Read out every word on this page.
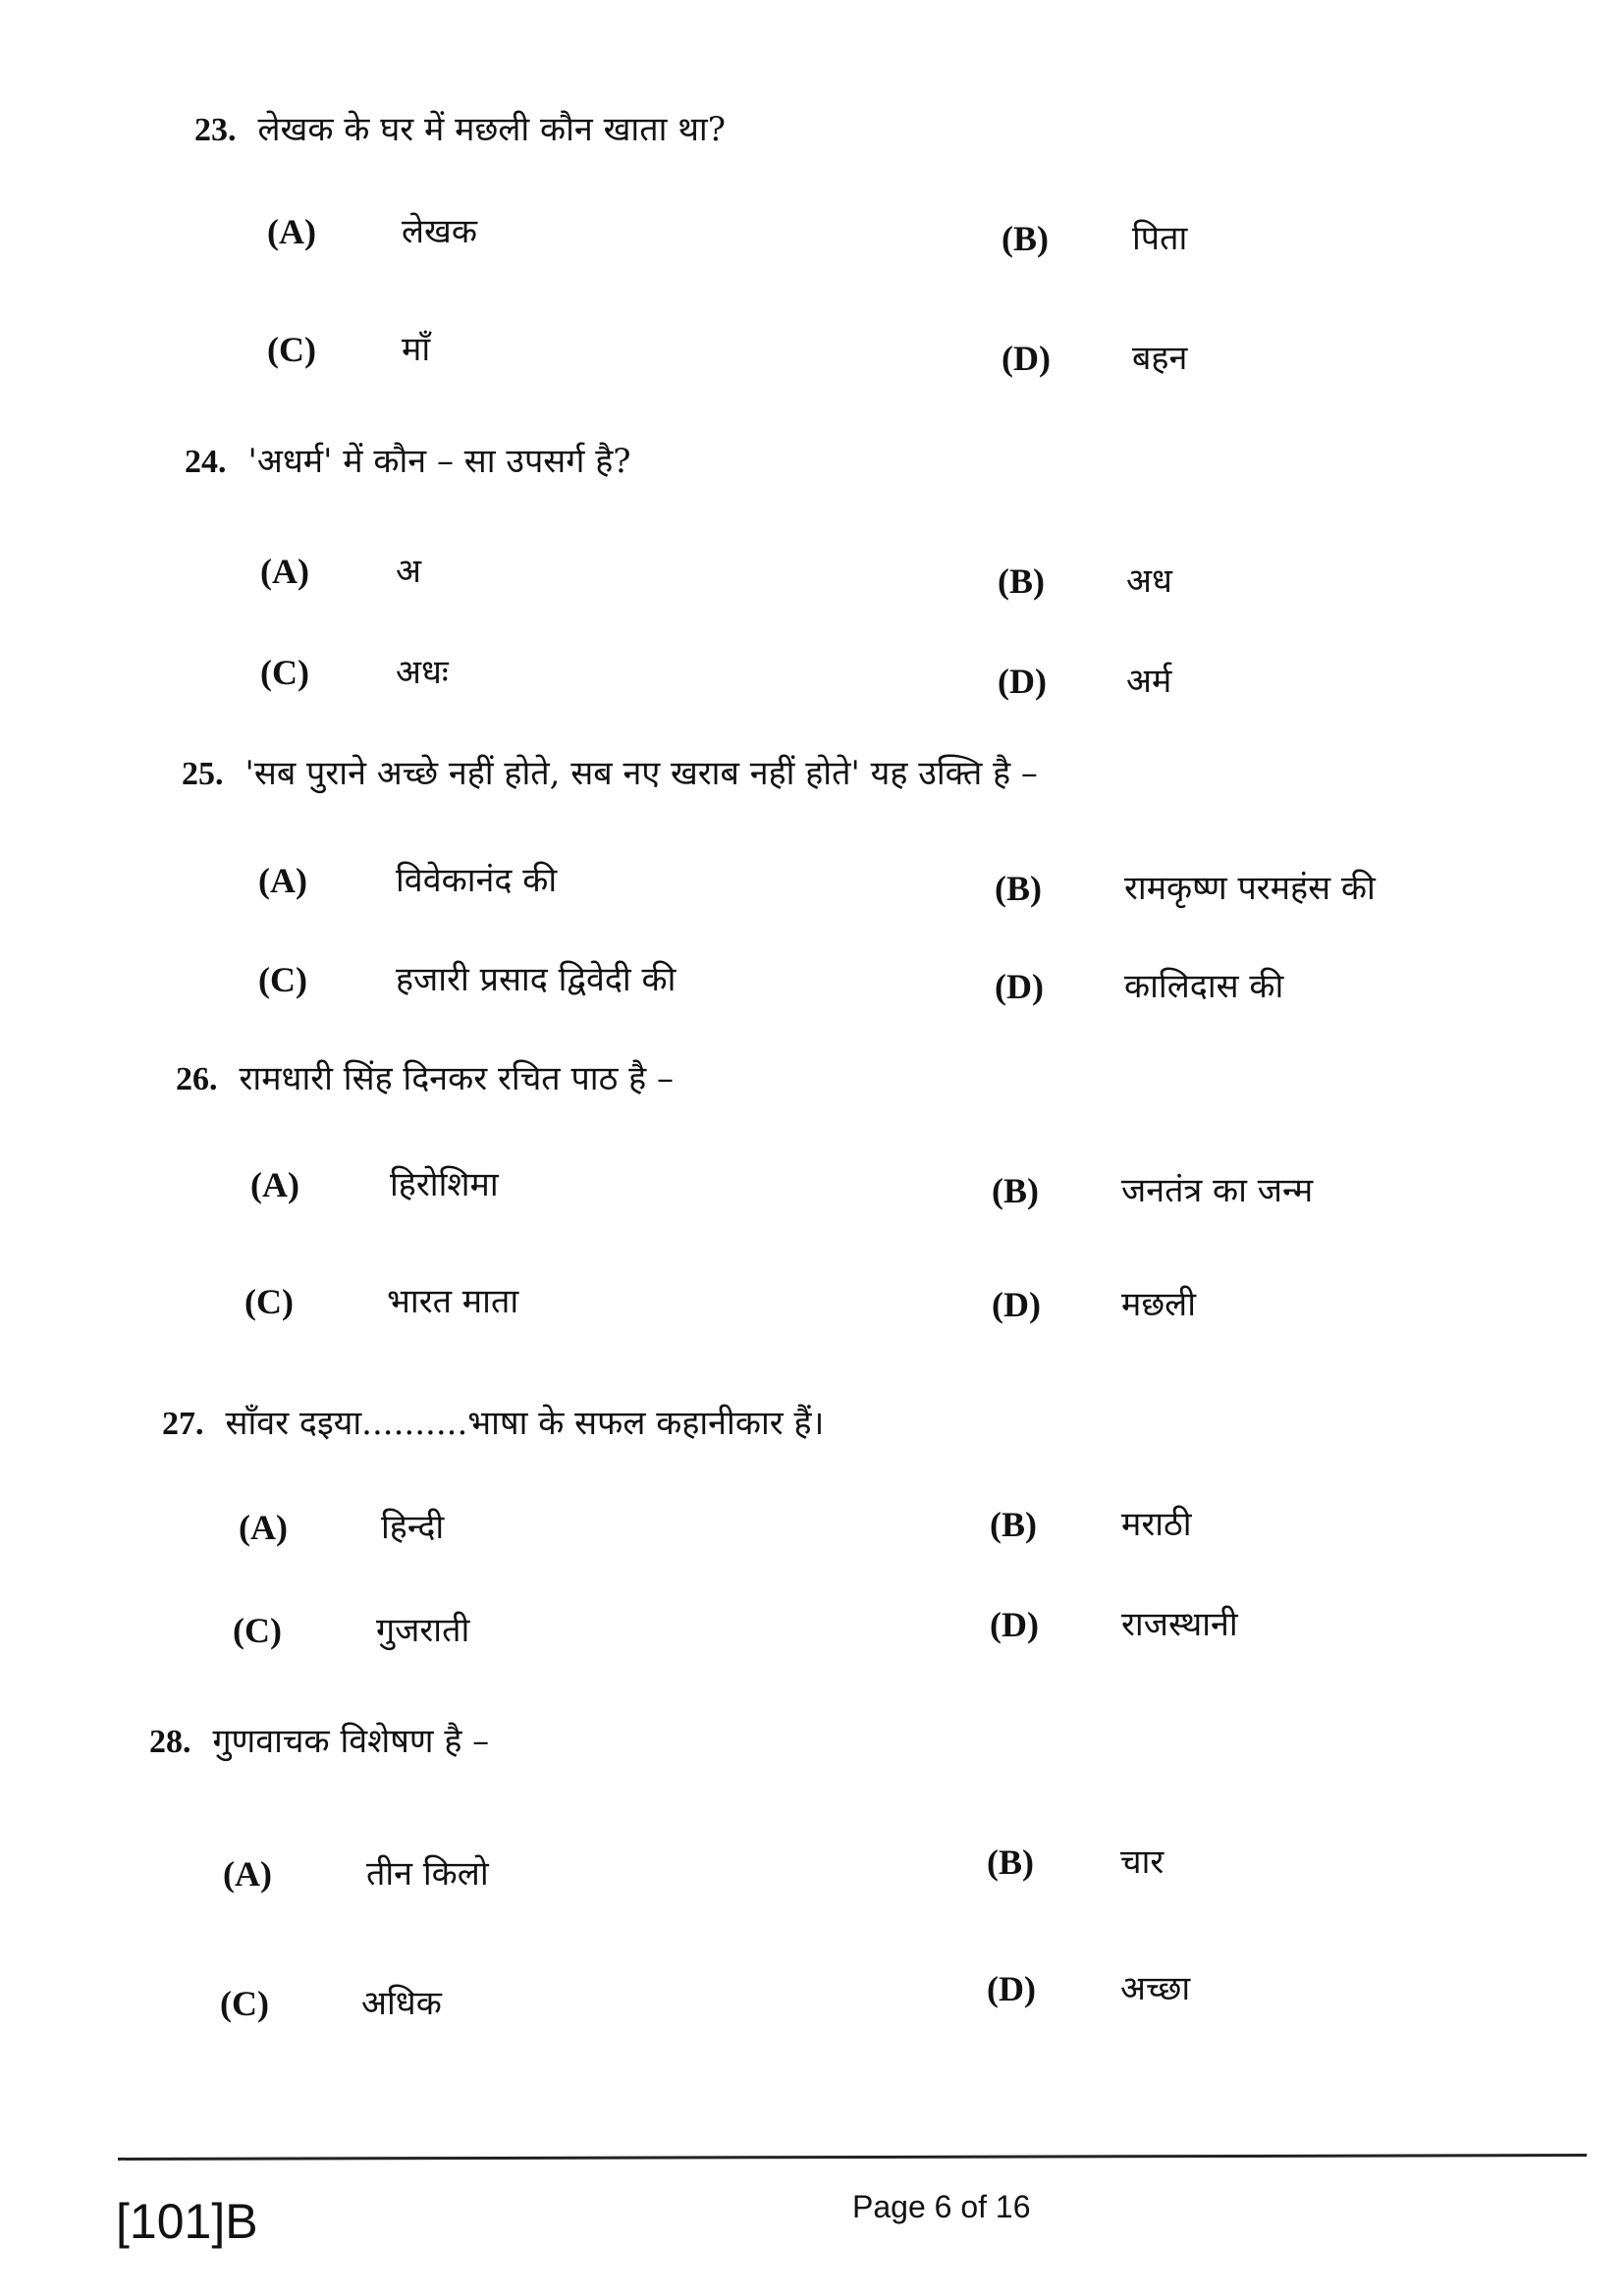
23. लेखक के घर में मछली कौन खाता था?
(A)	लेखक	(B)	पिता
(C)	माँ	(D) बहन
24. 'अधर्म' में कौन – सा उपसर्ग है?
(A)	अ	(B) अध
(C)	अधः	(D) अर्म
25. 'सब पुराने अच्छे नहीं होते, सब नए खराब नहीं होते' यह उक्ति है –
(A)	विवेकानंद की	(B) रामकृष्ण परमहंस की
(C)	हजारी प्रसाद द्विवेदी की	(D) कालिदास की
26. रामधारी सिंह दिनकर रचित पाठ है –
(A)	हिरोशिमा	(B) जनतंत्र का जन्म
(C)	भारत माता	(D) मछली
27. साँवर दइया..........भाषा के सफल कहानीकार हैं।
(A)	हिन्दी	(B)	मराठी
(C)	गुजराती	(D) राजस्थानी
28. गुणवाचक विशेषण है –
(A)	तीन किलो	(B)	चार
(C)	अधिक	(D)	अच्छा
[101]B	Page 6 of 16
